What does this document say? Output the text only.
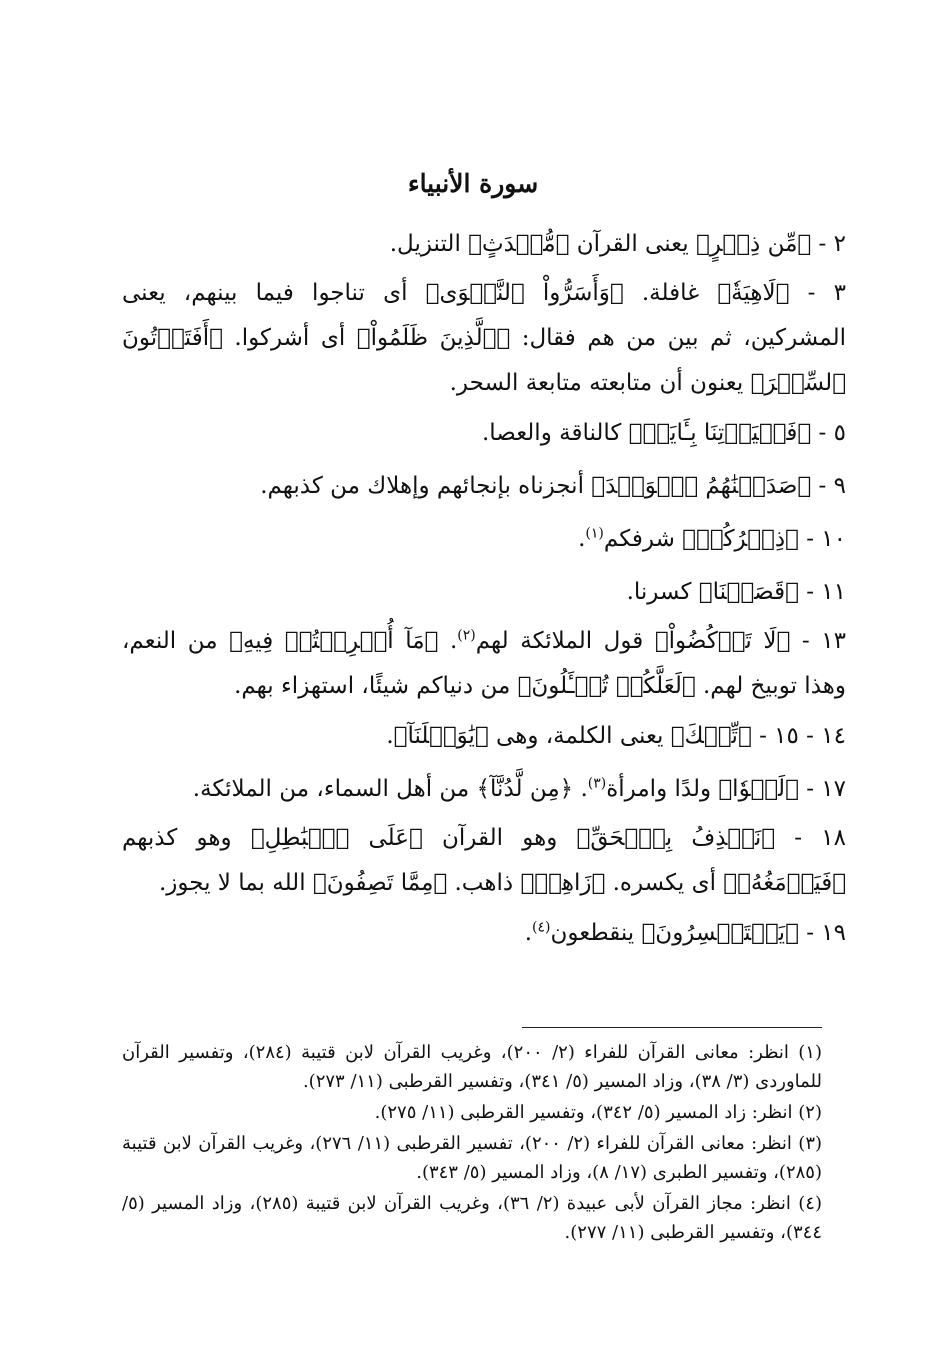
سورة الأنبياء

٢ - ﴿مِّن ذِكۡرٍ﴾ يعنى القرآن ﴿مُّحۡدَثٍ﴾ التنزيل.

٣ - ﴿لَاهِيَةٗ﴾ غافلة. ﴿وَأَسَرُّواْ ٱلنَّجۡوَى﴾ أى تناجوا فيما بينهم، يعنى المشركين، ثم بين من هم فقال: ﴿ٱلَّذِينَ ظَلَمُواْ﴾ أى أشركوا. ﴿أَفَتَأۡتُونَ ٱلسِّحۡرَ﴾ يعنون أن متابعته متابعة السحر.

٥ - ﴿فَلۡيَأۡتِنَا بِـَٔايَةٖ﴾ كالناقة والعصا.

٩ - ﴿صَدَقۡنَٰهُمُ ٱلۡوَعۡدَ﴾ أنجزناه بإنجائهم وإهلاك من كذبهم.

١٠ - ﴿ذِكۡرُكُمۡ﴾ شرفكم$^{(١)}$.

١١ - ﴿قَصَمۡنَا﴾ كسرنا.

١٣ - ﴿لَا تَرۡكُضُواْ﴾ قول الملائكة لهم$^{(٢)}$. ﴿مَآ أُتۡرِفۡتُمۡ فِيهِ﴾ من النعم، وهذا توبيخ لهم. ﴿لَعَلَّكُمۡ تُسۡـَٔلُونَ﴾ من دنياكم شيئًا، استهزاء بهم.

١٤ - ١٥ - ﴿تِّلۡكَ﴾ يعنى الكلمة، وهى ﴿يَٰوَيۡلَنَآ﴾.

١٧ - ﴿لَهۡوٗا﴾ ولدًا وامرأة$^{(٣)}$. ﴿مِن لَّدُنَّآ﴾ من أهل السماء، من الملائكة.

١٨ - ﴿نَقۡذِفُ بِٱلۡحَقِّ﴾ وهو القرآن ﴿عَلَى ٱلۡبَٰطِلِ﴾ وهو كذبهم ﴿فَيَدۡمَغُهُۥ﴾ أى يكسره. ﴿زَاهِقٞ﴾ ذاهب. ﴿مِمَّا تَصِفُونَ﴾ الله بما لا يجوز.

١٩ - ﴿يَسۡتَحۡسِرُونَ﴾ ينقطعون$^{(٤)}$.

(١) انظر: معانى القرآن للفراء (٢/ ٢٠٠)، وغريب القرآن لابن قتيبة (٢٨٤)، وتفسير القرآن للماوردى (٣/ ٣٨)، وزاد المسير (٥/ ٣٤١)، وتفسير القرطبى (١١/ ٢٧٣).

(٢) انظر: زاد المسير (٥/ ٣٤٢)، وتفسير القرطبى (١١/ ٢٧٥).

(٣) انظر: معانى القرآن للفراء (٢/ ٢٠٠)، تفسير القرطبى (١١/ ٢٧٦)، وغريب القرآن لابن قتيبة (٢٨٥)، وتفسير الطبرى (١٧/ ٨)، وزاد المسير (٥/ ٣٤٣).

(٤) انظر: مجاز القرآن لأبى عبيدة (٢/ ٣٦)، وغريب القرآن لابن قتيبة (٢٨٥)، وزاد المسير (٥/ ٣٤٤)، وتفسير القرطبى (١١/ ٢٧٧).
